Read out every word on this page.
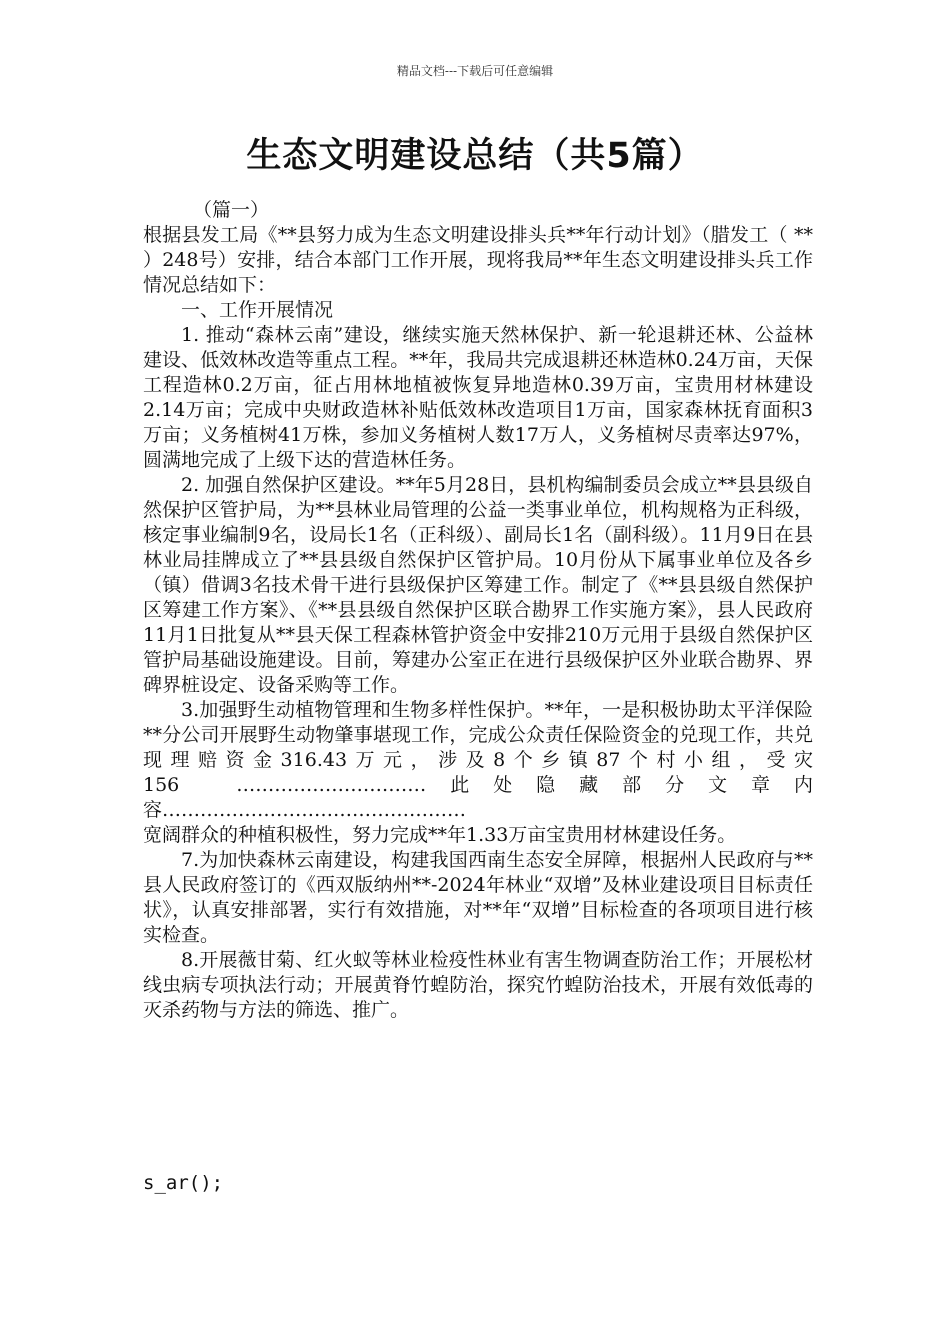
精品文档---下载后可任意编辑
生态文明建设总结（共5篇）

（篇一）

根据县发工局《**县努力成为生态文明建设排头兵**年行动计划》（腊发工（ ** ）248号）安排，结合本部门工作开展，现将我局**年生态文明建设排头兵工作情况总结如下：

一、工作开展情况

1. 推动“森林云南”建设，继续实施天然林保护、新一轮退耕还林、公益林建设、低效林改造等重点工程。**年，我局共完成退耕还林造林0.24万亩，天保工程造林0.2万亩，征占用林地植被恢复异地造林0.39万亩，宝贵用材林建设2.14万亩；完成中央财政造林补贴低效林改造项目1万亩，国家森林抚育面积3万亩；义务植树41万株，参加义务植树人数17万人，义务植树尽责率达97%，圆满地完成了上级下达的营造林任务。

2. 加强自然保护区建设。**年5月28日，县机构编制委员会成立**县县级自然保护区管护局，为**县林业局管理的公益一类事业单位，机构规格为正科级，核定事业编制9名，设局长1名（正科级）、副局长1名（副科级）。11月9日在县林业局挂牌成立了**县县级自然保护区管护局。10月份从下属事业单位及各乡（镇）借调3名技术骨干进行县级保护区筹建工作。制定了《**县县级自然保护区筹建工作方案》、《**县县级自然保护区联合勘界工作实施方案》，县人民政府11月1日批复从**县天保工程森林管护资金中安排210万元用于县级自然保护区管护局基础设施建设。目前，筹建办公室正在进行县级保护区外业联合勘界、界碑界桩设定、设备采购等工作。

3.加强野生动植物管理和生物多样性保护。**年，一是积极协助太平洋保险**分公司开展野生动物肇事堪现工作，完成公众责任保险资金的兑现工作，共兑现理赔资金316.43万元，涉及8个乡镇87个村小组，受灾156   	…………………………此处隐藏部分文章内容…………………………………………

宽阔群众的种植积极性，努力完成**年1.33万亩宝贵用材林建设任务。

7.为加快森林云南建设，构建我国西南生态安全屏障，根据州人民政府与**县人民政府签订的《西双版纳州**-2024年林业“双增”及林业建设项目目标责任状》，认真安排部署，实行有效措施，对**年“双增”目标检查的各项项目进行核实检查。

8.开展薇甘菊、红火蚁等林业检疫性林业有害生物调查防治工作；开展松材线虫病专项执法行动；开展黄脊竹蝗防治，探究竹蝗防治技术，开展有效低毒的灭杀药物与方法的筛选、推广。

s_ar();
